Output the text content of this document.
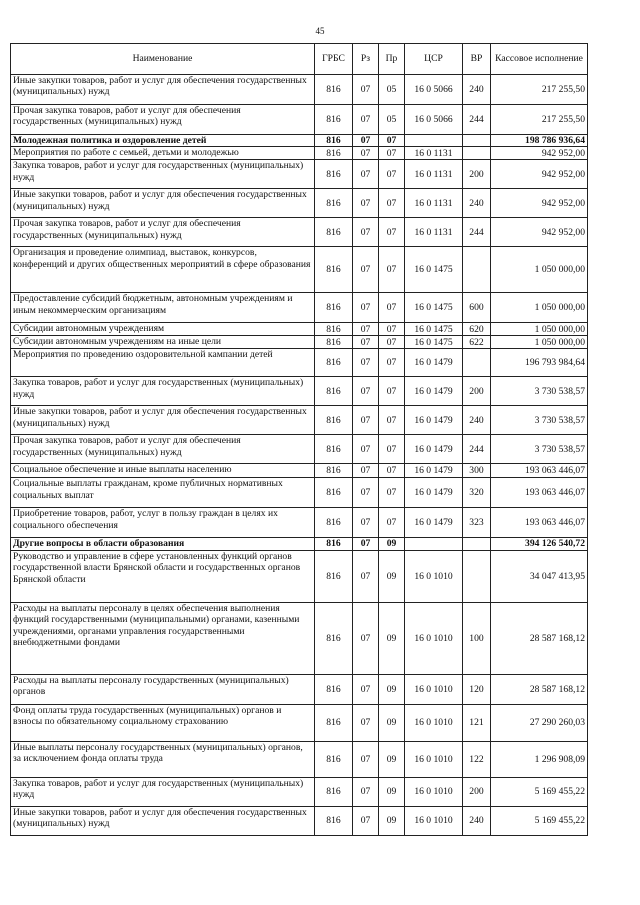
45
Наименование	ГРБС	Рз	Пр	ЦСР	ВР	Кассовое исполнение
Иные закупки товаров, работ и услуг для обеспечения государственных (муниципальных) нужд	816	07	05	16 0 5066	240	217 255,50
Прочая закупка товаров, работ и услуг для обеспечения государственных (муниципальных) нужд	816	07	05	16 0 5066	244	217 255,50
Молодежная политика и оздоровление детей	816	07	07			198 786 936,64
Мероприятия по работе с семьей, детьми и молодежью	816	07	07	16 0 1131		942 952,00
Закупка товаров, работ и услуг для государственных (муниципальных) нужд	816	07	07	16 0 1131	200	942 952,00
Иные закупки товаров, работ и услуг для обеспечения государственных (муниципальных) нужд	816	07	07	16 0 1131	240	942 952,00
Прочая закупка товаров, работ и услуг для обеспечения государственных (муниципальных) нужд	816	07	07	16 0 1131	244	942 952,00
Организация и проведение олимпиад, выставок, конкурсов, конференций и других общественных мероприятий в сфере образования	816	07	07	16 0 1475		1 050 000,00
Предоставление субсидий бюджетным, автономным учреждениям и иным некоммерческим организациям	816	07	07	16 0 1475	600	1 050 000,00
Субсидии автономным учреждениям	816	07	07	16 0 1475	620	1 050 000,00
Субсидии автономным учреждениям на иные цели	816	07	07	16 0 1475	622	1 050 000,00
Мероприятия по проведению оздоровительной кампании детей	816	07	07	16 0 1479		196 793 984,64
Закупка товаров, работ и услуг для государственных (муниципальных) нужд	816	07	07	16 0 1479	200	3 730 538,57
Иные закупки товаров, работ и услуг для обеспечения государственных (муниципальных) нужд	816	07	07	16 0 1479	240	3 730 538,57
Прочая закупка товаров, работ и услуг для обеспечения государственных (муниципальных) нужд	816	07	07	16 0 1479	244	3 730 538,57
Социальное обеспечение и иные выплаты населению	816	07	07	16 0 1479	300	193 063 446,07
Социальные выплаты гражданам, кроме публичных нормативных социальных выплат	816	07	07	16 0 1479	320	193 063 446,07
Приобретение товаров, работ, услуг в пользу граждан в целях их социального обеспечения	816	07	07	16 0 1479	323	193 063 446,07
Другие вопросы в области образования	816	07	09			394 126 540,72
Руководство и управление в сфере установленных функций органов государственной власти Брянской области и государственных органов Брянской области	816	07	09	16 0 1010		34 047 413,95
Расходы на выплаты персоналу в целях обеспечения выполнения функций государственными (муниципальными) органами, казенными учреждениями, органами управления государственными внебюджетными фондами	816	07	09	16 0 1010	100	28 587 168,12
Расходы на выплаты персоналу государственных (муниципальных) органов	816	07	09	16 0 1010	120	28 587 168,12
Фонд оплаты труда государственных (муниципальных) органов и взносы по обязательному социальному страхованию	816	07	09	16 0 1010	121	27 290 260,03
Иные выплаты персоналу государственных (муниципальных) органов, за исключением фонда оплаты труда	816	07	09	16 0 1010	122	1 296 908,09
Закупка товаров, работ и услуг для государственных (муниципальных) нужд	816	07	09	16 0 1010	200	5 169 455,22
Иные закупки товаров, работ и услуг для обеспечения государственных (муниципальных) нужд	816	07	09	16 0 1010	240	5 169 455,22
